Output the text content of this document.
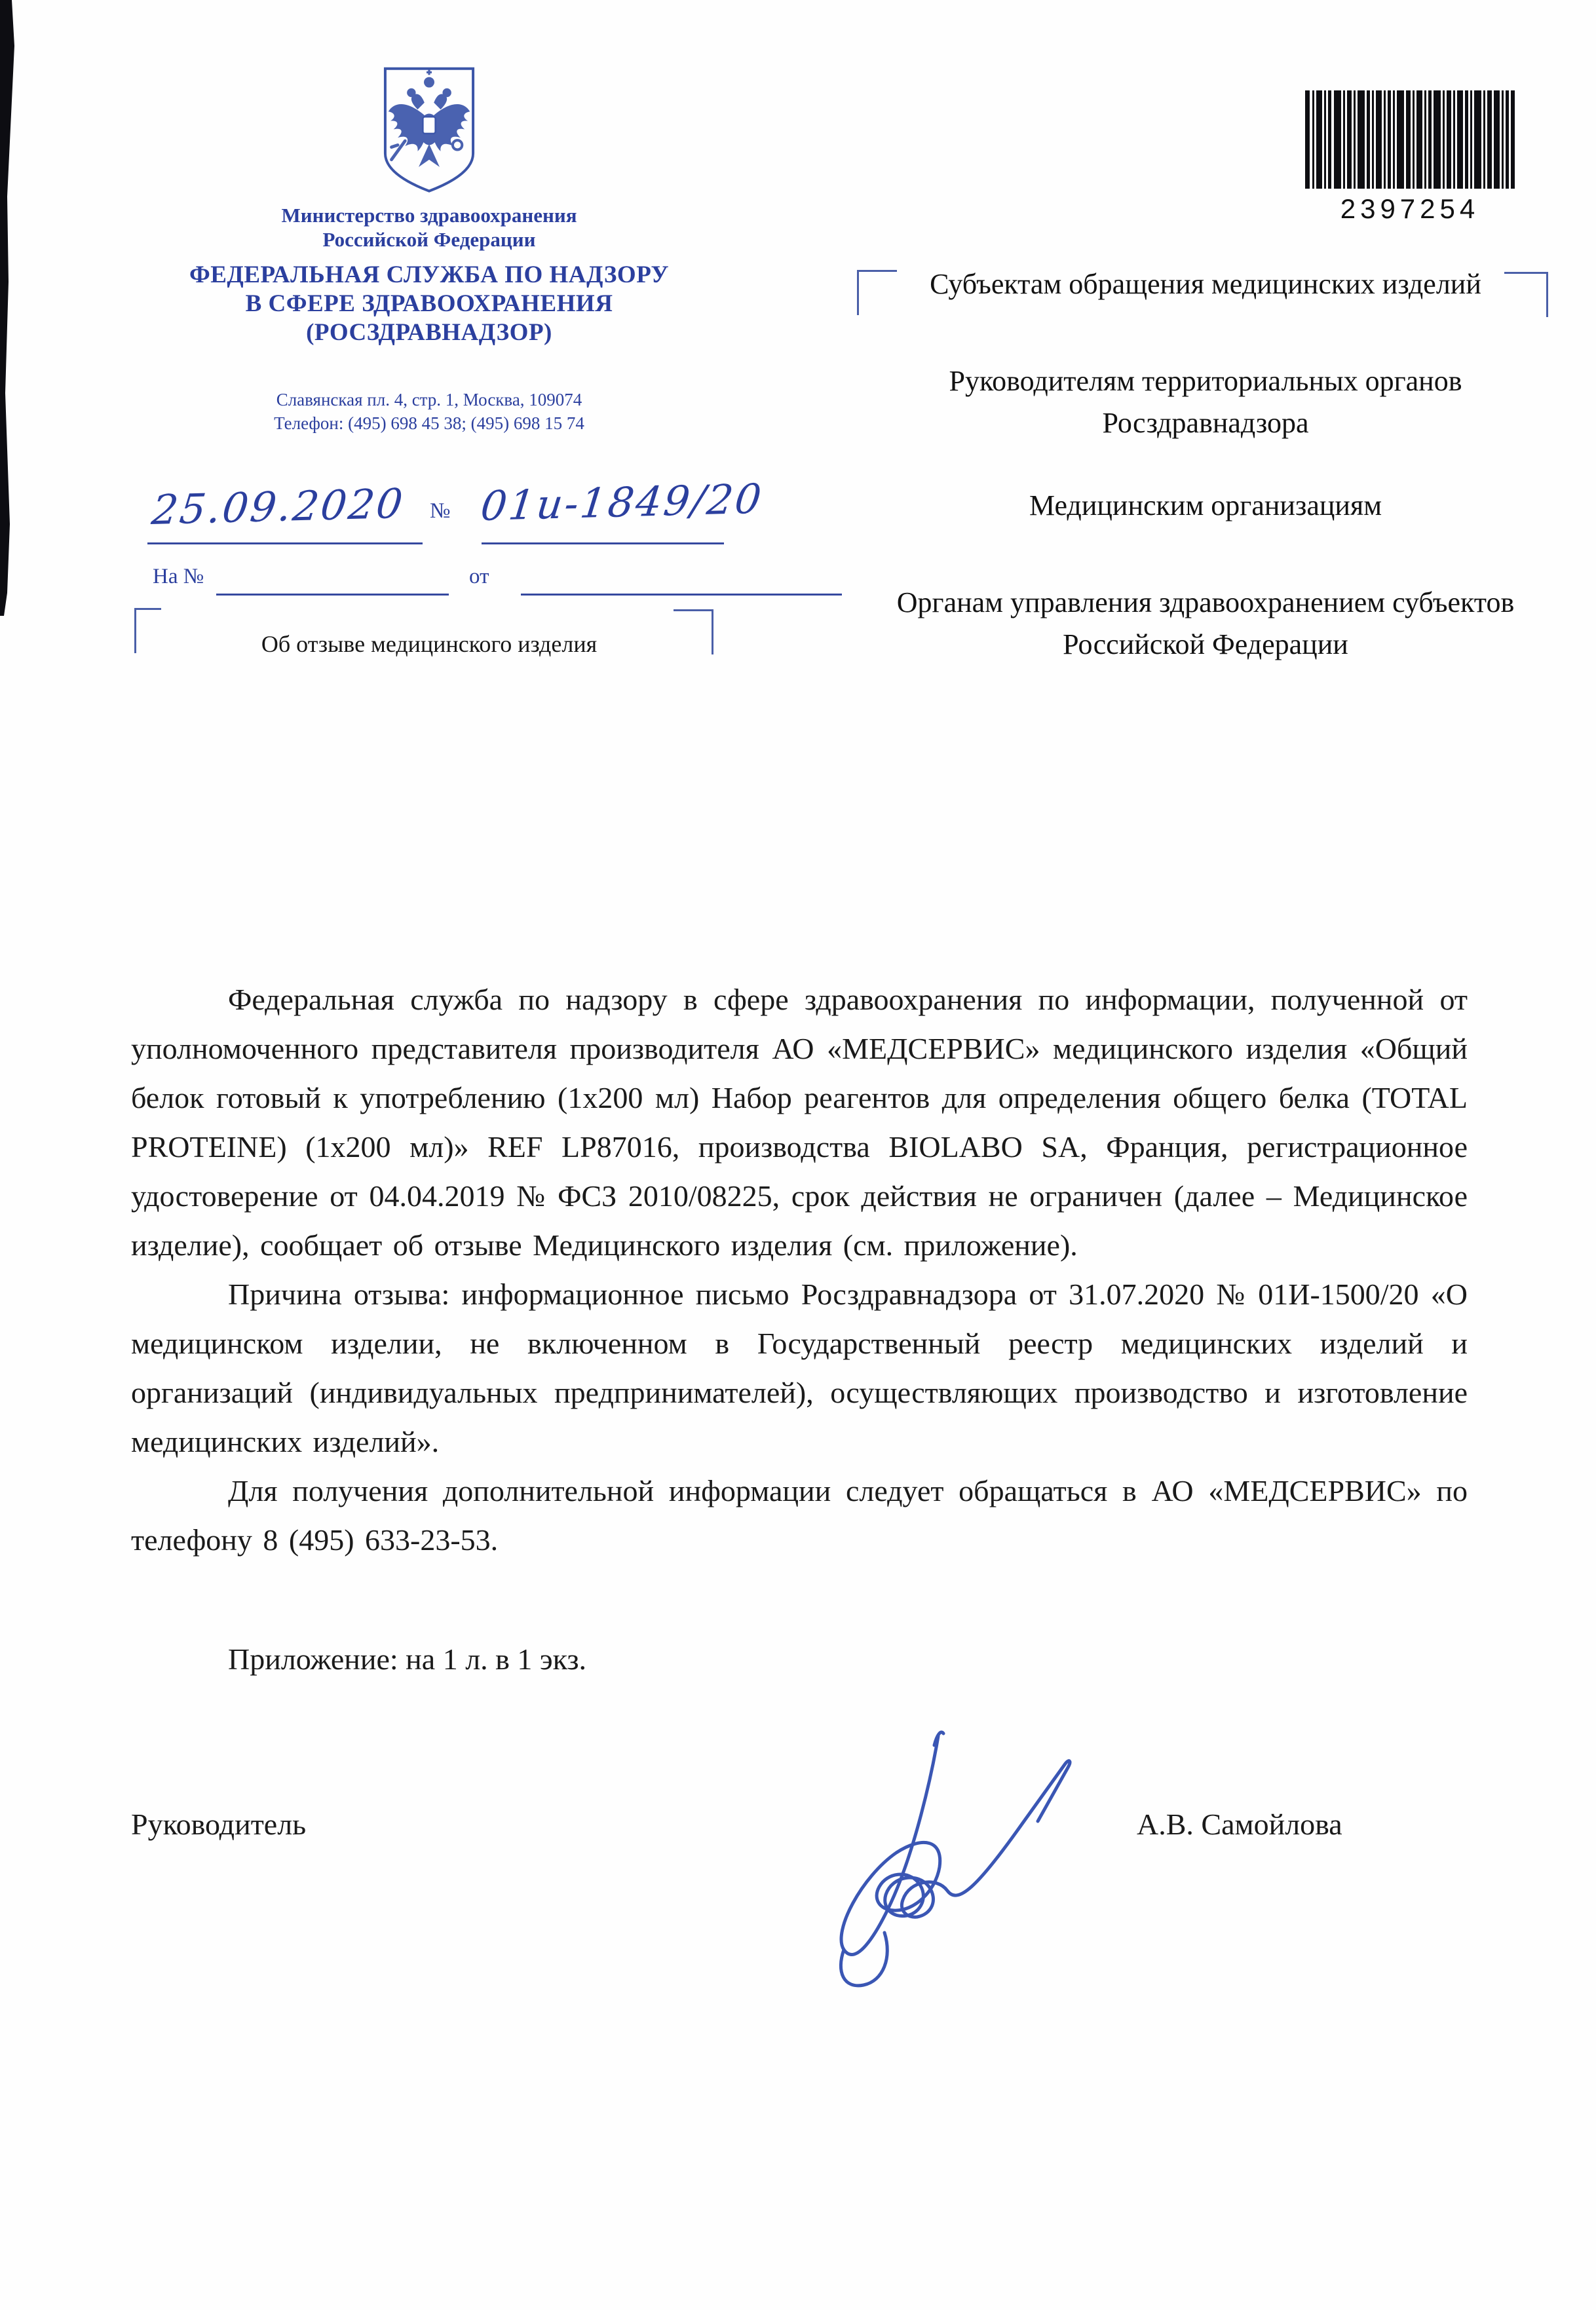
Министерство здравоохранения
Российской Федерации
ФЕДЕРАЛЬНАЯ СЛУЖБА ПО НАДЗОРУ
В СФЕРЕ ЗДРАВООХРАНЕНИЯ
(РОСЗДРАВНАДЗОР)
Славянская пл. 4, стр. 1, Москва, 109074
Телефон: (495) 698 45 38; (495) 698 15 74
2397254
25.09.2020 № 01и-1849/20
На №	от
Об отзыве медицинского изделия

Субъектам обращения медицинских изделий

Руководителям территориальных органов Росздравнадзора

Медицинским организациям

Органам управления здравоохранением субъектов Российской Федерации

Федеральная служба по надзору в сфере здравоохранения по информации, полученной от уполномоченного представителя производителя АО «МЕДСЕРВИС» медицинского изделия «Общий белок готовый к употреблению (1х200 мл) Набор реагентов для определения общего белка (TOTAL PROTEINE) (1х200 мл)» REF LP87016, производства BIOLABO SA, Франция, регистрационное удостоверение от 04.04.2019 № ФСЗ 2010/08225, срок действия не ограничен (далее – Медицинское изделие), сообщает об отзыве Медицинского изделия (см. приложение).

Причина отзыва: информационное письмо Росздравнадзора от 31.07.2020 № 01И-1500/20 «О медицинском изделии, не включенном в Государственный реестр медицинских изделий и организаций (индивидуальных предпринимателей), осуществляющих производство и изготовление медицинских изделий».

Для получения дополнительной информации следует обращаться в АО «МЕДСЕРВИС» по телефону 8 (495) 633-23-53.

Приложение: на 1 л. в 1 экз.
Руководитель	А.В. Самойлова
